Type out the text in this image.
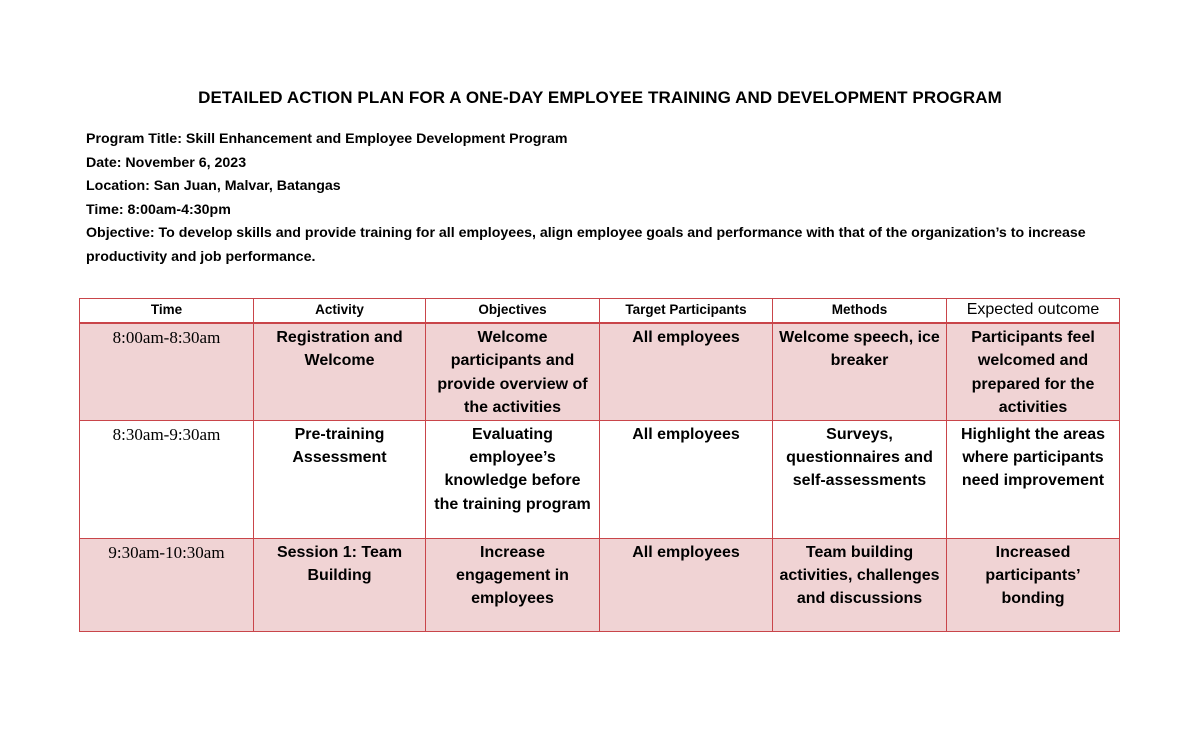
DETAILED ACTION PLAN FOR A ONE-DAY EMPLOYEE TRAINING AND DEVELOPMENT PROGRAM
Program Title: Skill Enhancement and Employee Development Program
Date: November 6, 2023
Location: San Juan, Malvar, Batangas
Time: 8:00am-4:30pm
Objective: To develop skills and provide training for all employees, align employee goals and performance with that of the organization’s to increase productivity and job performance.
Time	Activity	Objectives	Target Participants	Methods	Expected outcome
8:00am-8:30am	Registration and Welcome	Welcome participants and provide overview of the activities	All employees	Welcome speech, ice breaker	Participants feel welcomed and prepared for the activities
8:30am-9:30am	Pre-training Assessment	Evaluating employee’s knowledge before the training program	All employees	Surveys, questionnaires and self-assessments	Highlight the areas where participants need improvement
9:30am-10:30am	Session 1: Team Building	Increase engagement in employees	All employees	Team building activities, challenges and discussions	Increased participants’ bonding
